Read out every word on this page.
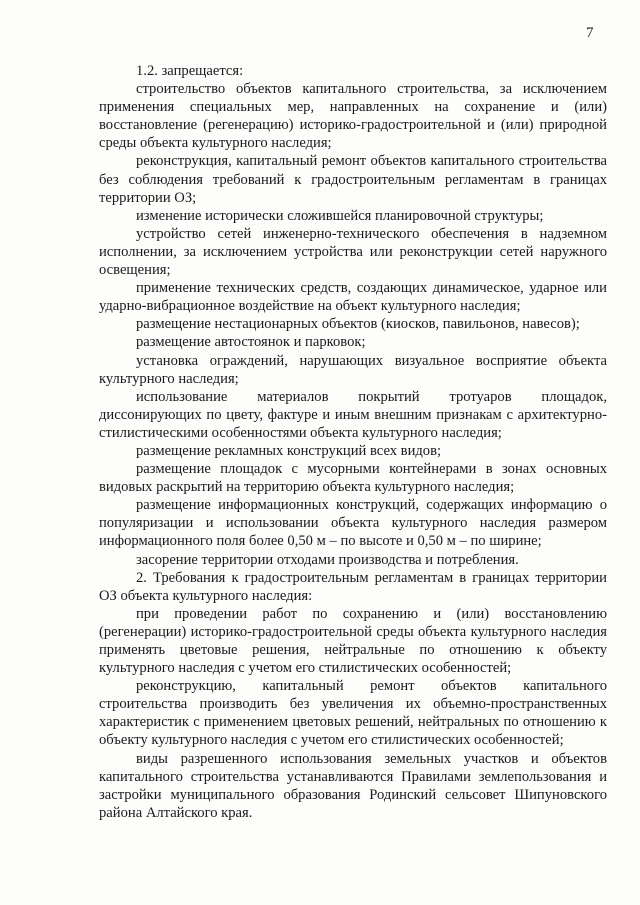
7

1.2. запрещается:

строительство объектов капитального строительства, за исключением применения специальных мер, направленных на сохранение и (или) восстановление (регенерацию) историко-градостроительной и (или) природной среды объекта культурного наследия;

реконструкция, капитальный ремонт объектов капитального строительства без соблюдения требований к градостроительным регламентам в границах территории ОЗ;

изменение исторически сложившейся планировочной структуры;

устройство сетей инженерно-технического обеспечения в надземном исполнении, за исключением устройства или реконструкции сетей наружного освещения;

применение технических средств, создающих динамическое, ударное или ударно-вибрационное воздействие на объект культурного наследия;

размещение нестационарных объектов (киосков, павильонов, навесов);

размещение автостоянок и парковок;

установка ограждений, нарушающих визуальное восприятие объекта культурного наследия;

использование материалов покрытий тротуаров площадок, диссонирующих по цвету, фактуре и иным внешним признакам с архитектурно-стилистическими особенностями объекта культурного наследия;

размещение рекламных конструкций всех видов;

размещение площадок с мусорными контейнерами в зонах основных видовых раскрытий на территорию объекта культурного наследия;

размещение информационных конструкций, содержащих информацию о популяризации и использовании объекта культурного наследия размером информационного поля более 0,50 м – по высоте и 0,50 м – по ширине;

засорение территории отходами производства и потребления.

2. Требования к градостроительным регламентам в границах территории ОЗ объекта культурного наследия:

при проведении работ по сохранению и (или) восстановлению (регенерации) историко-градостроительной среды объекта культурного наследия применять цветовые решения, нейтральные по отношению к объекту культурного наследия с учетом его стилистических особенностей;

реконструкцию, капитальный ремонт объектов капитального строительства производить без увеличения их объемно-пространственных характеристик с применением цветовых решений, нейтральных по отношению к объекту культурного наследия с учетом его стилистических особенностей;

виды разрешенного использования земельных участков и объектов капитального строительства устанавливаются Правилами землепользования и застройки муниципального образования Родинский сельсовет Шипуновского района Алтайского края.
